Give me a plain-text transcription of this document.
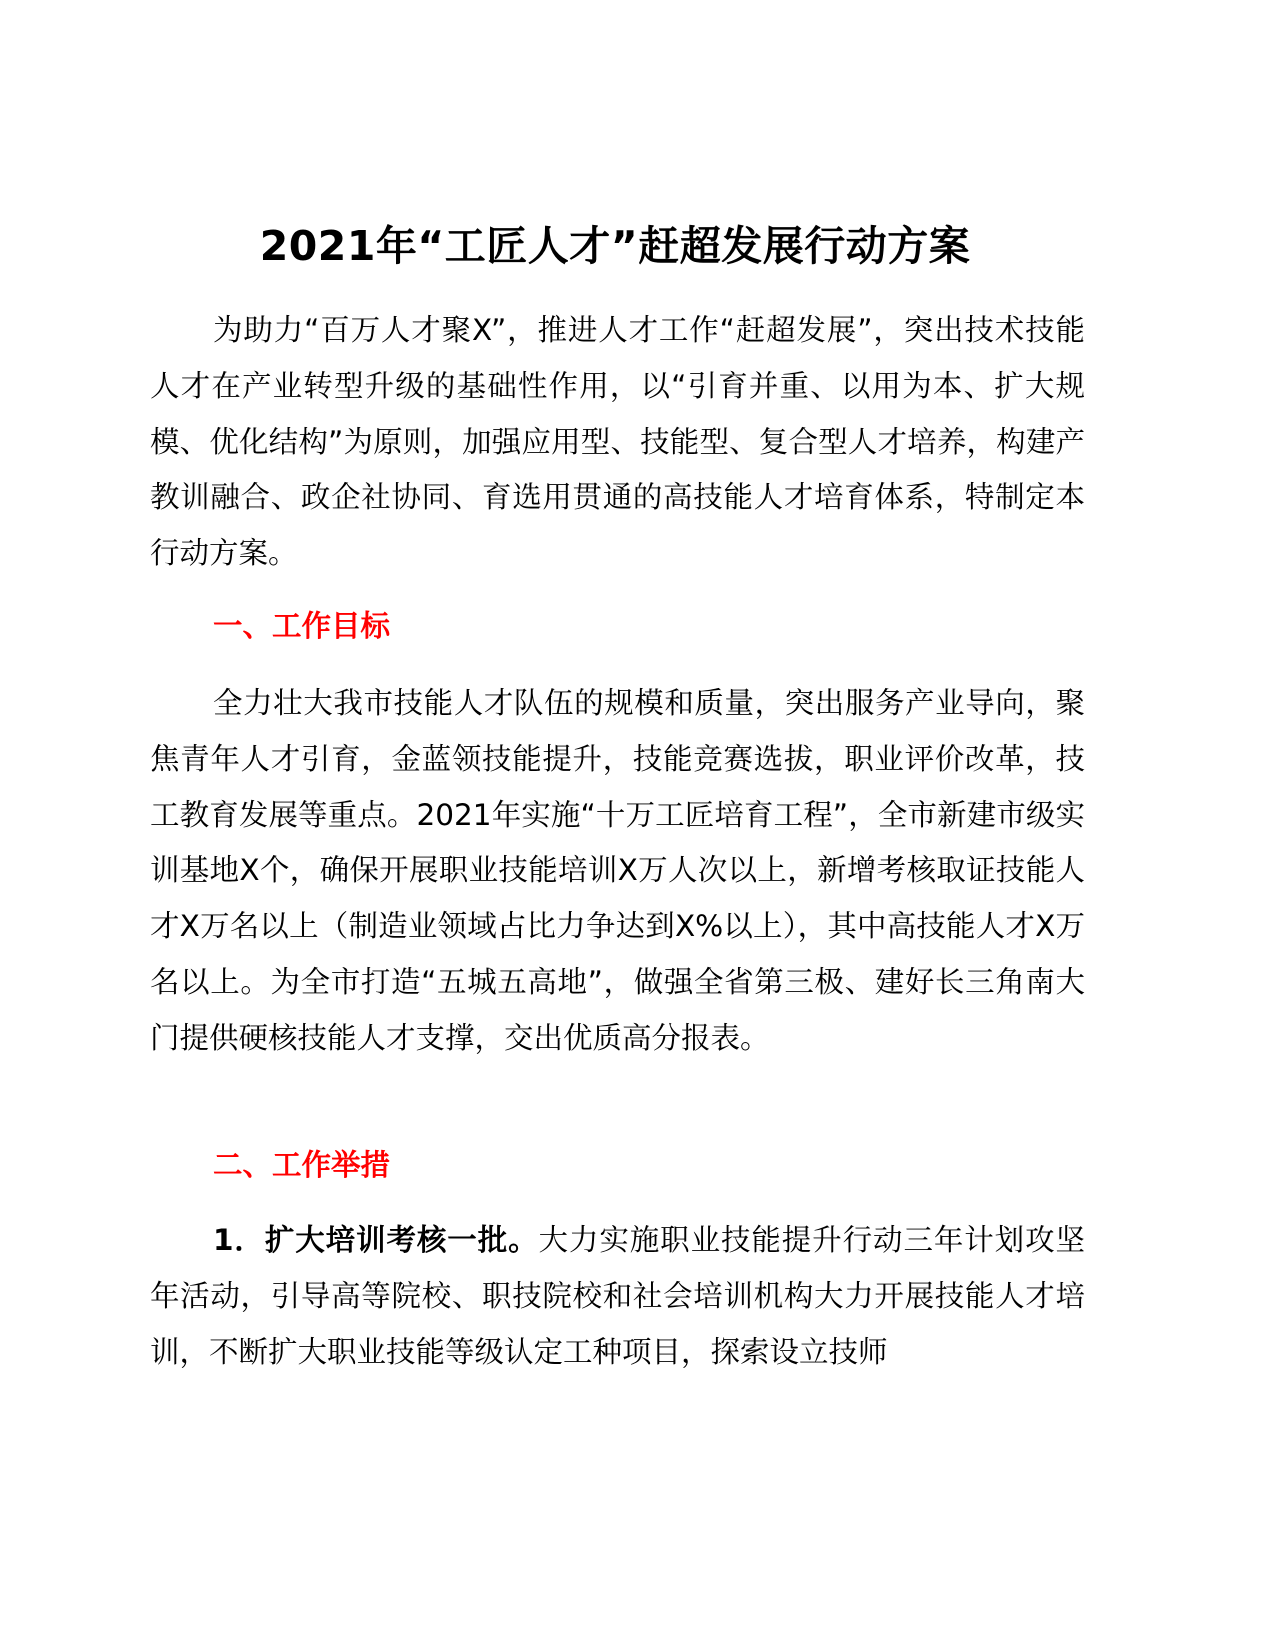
2021年“工匠人才”赶超发展行动方案

为助力“百万人才聚X”，推进人才工作“赶超发展”，突出技术技能人才在产业转型升级的基础性作用，以“引育并重、以用为本、扩大规模、优化结构”为原则，加强应用型、技能型、复合型人才培养，构建产教训融合、政企社协同、育选用贯通的高技能人才培育体系，特制定本行动方案。

一、工作目标

全力壮大我市技能人才队伍的规模和质量，突出服务产业导向，聚焦青年人才引育，金蓝领技能提升，技能竞赛选拔，职业评价改革，技工教育发展等重点。2021年实施“十万工匠培育工程”，全市新建市级实训基地X个，确保开展职业技能培训X万人次以上，新增考核取证技能人才X万名以上（制造业领域占比力争达到X%以上），其中高技能人才X万名以上。为全市打造“五城五高地”，做强全省第三极、建好长三角南大门提供硬核技能人才支撑，交出优质高分报表。

二、工作举措

1．扩大培训考核一批。大力实施职业技能提升行动三年计划攻坚年活动，引导高等院校、职技院校和社会培训机构大力开展技能人才培训，不断扩大职业技能等级认定工种项目，探索设立技师
